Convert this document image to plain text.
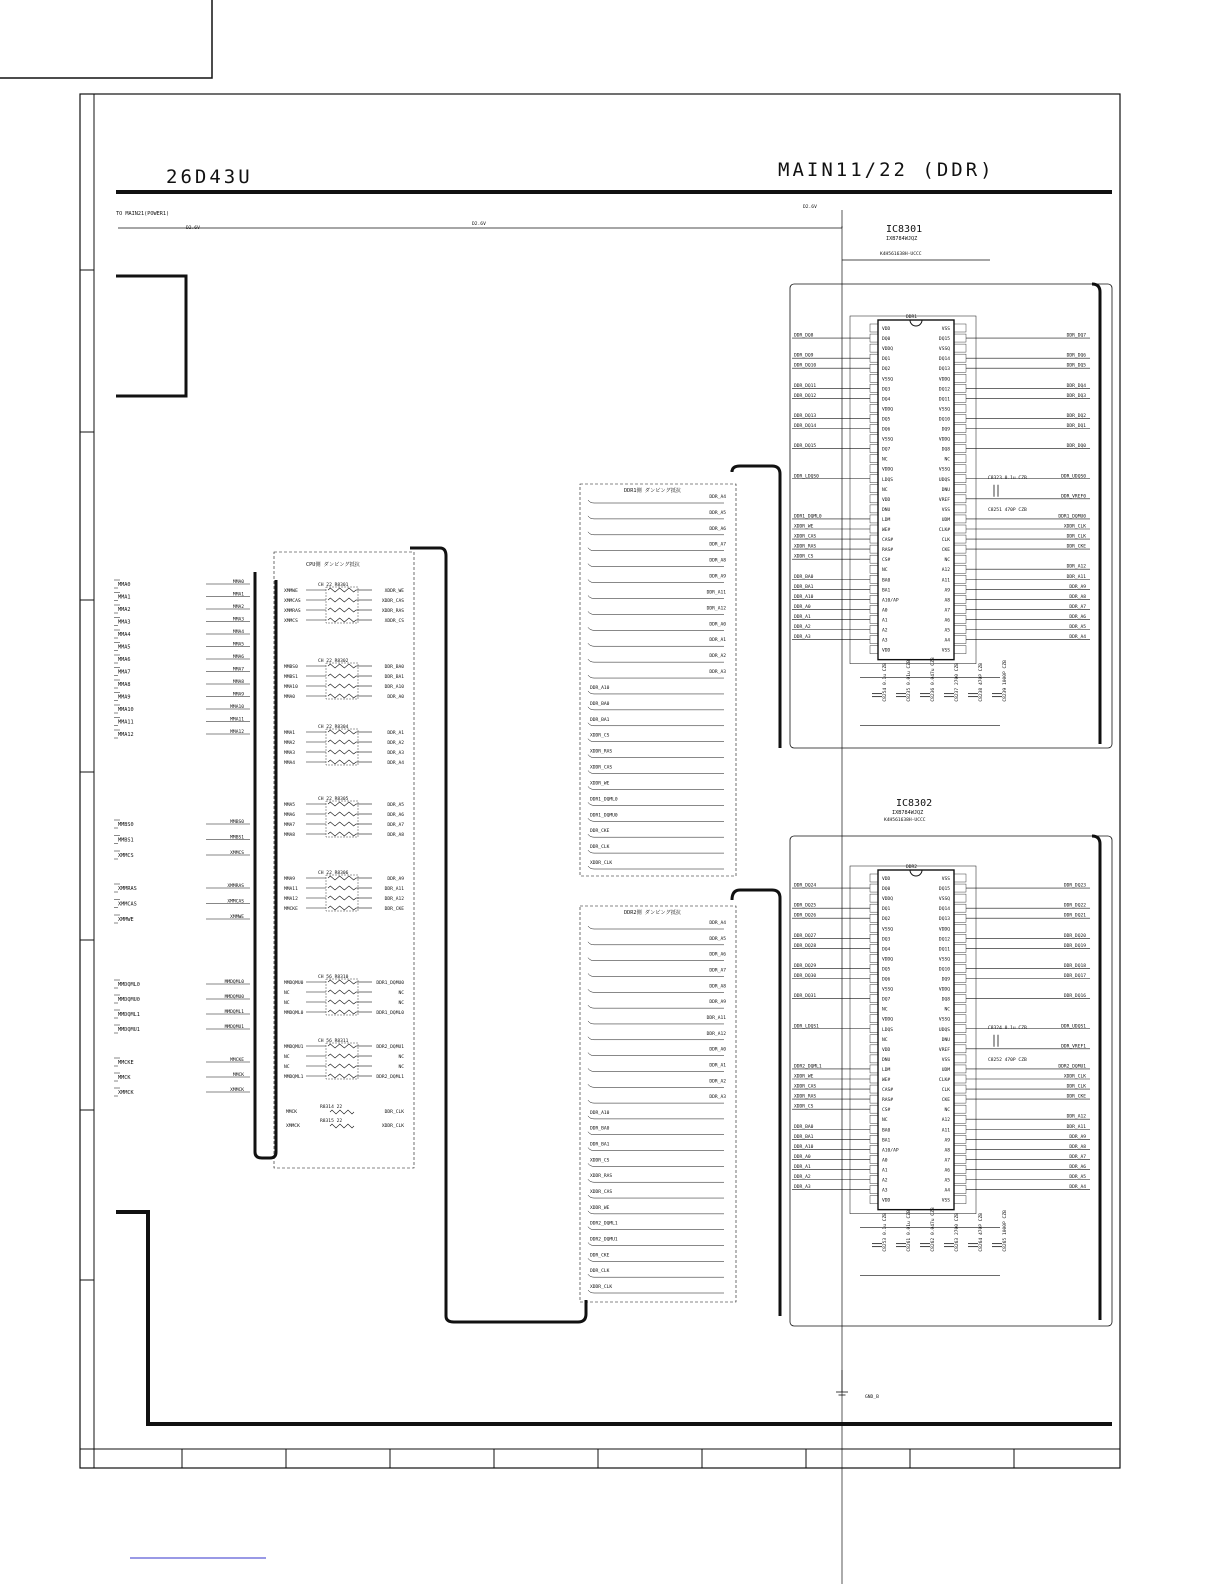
26D43U	MAIN11/22 (DDR)
TO MAIN21(POWER1)
D2.6V
D2.6V
D2.6V
GND_B
MMA0	MMA0
MMA1	MMA1
MMA2	MMA2
MMA3	MMA3
MMA4	MMA4
MMA5	MMA5
MMA6	MMA6
MMA7	MMA7
MMA8	MMA8
MMA9	MMA9
MMA10	MMA10
MMA11	MMA11
MMA12	MMA12
MMBS0	MMBS0
MMBS1	MMBS1
XMMCS	XMMCS
XMMRAS	XMMRAS
XMMCAS	XMMCAS
XMMWE	XMMWE
MMDQML0	MMDQML0
MMDQMU0	MMDQMU0
MMDQML1	MMDQML1
MMDQMU1	MMDQMU1
MMCKE	MMCKE
MMCK	MMCK
XMMCK	XMMCK
CPU側 ダンピング抵抗
CH 22 R8301
XMMWE	XDDR_WE
XMMCAS	XDDR_CAS
XMMRAS	XDDR_RAS
XMMCS	XDDR_CS
CH 22 R8302
MMBS0	DDR_BA0
MMBS1	DDR_BA1
MMA10	DDR_A10
MMA0	DDR_A0
CH 22 R8304
MMA1	DDR_A1
MMA2	DDR_A2
MMA3	DDR_A3
MMA4	DDR_A4
CH 22 R8305
MMA5	DDR_A5
MMA6	DDR_A6
MMA7	DDR_A7
MMA8	DDR_A8
CH 22 R8306
MMA9	DDR_A9
MMA11	DDR_A11
MMA12	DDR_A12
MMCKE	DDR_CKE
CH 56 R8310
MMDQMU0	DDR1_DQMU0
NC	NC
NC	NC
MMDQML0	DDR1_DQML0
CH 56 R8311
MMDQMU1	DDR2_DQMU1
NC	NC
NC	NC
MMDQML1	DDR2_DQML1
MMCK
R8314 22
DDR_CLK
XMMCK
R8315 22
XDDR_CLK
DDR1側 ダンピング抵抗
DDR_A4
DDR_A5
DDR_A6
DDR_A7
DDR_A8
DDR_A9
DDR_A11
DDR_A12
DDR_A0
DDR_A1
DDR_A2
DDR_A3
DDR_A10
DDR_BA0
DDR_BA1
XDDR_CS
XDDR_RAS
XDDR_CAS
XDDR_WE
DDR1_DQML0
DDR1_DQMU0
DDR_CKE
DDR_CLK
XDDR_CLK
DDR2側 ダンピング抵抗
DDR_A4
DDR_A5
DDR_A6
DDR_A7
DDR_A8
DDR_A9
DDR_A11
DDR_A12
DDR_A0
DDR_A1
DDR_A2
DDR_A3
DDR_A10
DDR_BA0
DDR_BA1
XDDR_CS
XDDR_RAS
XDDR_CAS
XDDR_WE
DDR2_DQML1
DDR2_DQMU1
DDR_CKE
DDR_CLK
XDDR_CLK
IC8301
IXB784WJQZ
K4H561638H-UCCC
DDR1
VDD	VSS
DQ0	DQ15
VDDQ	VSSQ
DQ1	DQ14
DQ2	DQ13
VSSQ	VDDQ
DQ3	DQ12
DQ4	DQ11
VDDQ	VSSQ
DQ5	DQ10
DQ6	DQ9
VSSQ	VDDQ
DQ7	DQ8
NC	NC
VDDQ	VSSQ
LDQS	UDQS
NC	DNU
VDD	VREF
DNU	VSS
LDM	UDM
WE#	CLK#
CAS#	CLK
RAS#	CKE
CS#	NC
NC	A12
BA0	A11
BA1	A9
A10/AP	A8
A0	A7
A1	A6
A2	A5
A3	A4
VDD	VSS
DDR_DQ8
DDR_DQ9
DDR_DQ10
DDR_DQ11
DDR_DQ12
DDR_DQ13
DDR_DQ14
DDR_DQ15
DDR_LDQS0
DDR1_DQML0
XDDR_WE
XDDR_CAS
XDDR_RAS
XDDR_CS
DDR_BA0
DDR_BA1
DDR_A10
DDR_A0
DDR_A1
DDR_A2
DDR_A3
DDR_DQ7
DDR_DQ6
DDR_DQ5
DDR_DQ4
DDR_DQ3
DDR_DQ2
DDR_DQ1
DDR_DQ0
DDR_UDQS0
DDR_VREF0
DDR1_DQMU0
XDDR_CLK
DDR_CLK
DDR_CKE
DDR_A12
DDR_A11
DDR_A9
DDR_A8
DDR_A7
DDR_A6
DDR_A5
DDR_A4
C8323 0.1u CZB
C8251 470P CZB
C8254 0.1u CZB	C8235 0.01u CZB	C8236 0.047u CZB	C8237 2700 CZB	C8238 470P CZB	C8239 1000P CZB
IC8302
IXB784WJQZ
K4H561638H-UCCC
DDR2
VDD	VSS
DQ0	DQ15
VDDQ	VSSQ
DQ1	DQ14
DQ2	DQ13
VSSQ	VDDQ
DQ3	DQ12
DQ4	DQ11
VDDQ	VSSQ
DQ5	DQ10
DQ6	DQ9
VSSQ	VDDQ
DQ7	DQ8
NC	NC
VDDQ	VSSQ
LDQS	UDQS
NC	DNU
VDD	VREF
DNU	VSS
LDM	UDM
WE#	CLK#
CAS#	CLK
RAS#	CKE
CS#	NC
NC	A12
BA0	A11
BA1	A9
A10/AP	A8
A0	A7
A1	A6
A2	A5
A3	A4
VDD	VSS
DDR_DQ24
DDR_DQ25
DDR_DQ26
DDR_DQ27
DDR_DQ28
DDR_DQ29
DDR_DQ30
DDR_DQ31
DDR_LDQS1
DDR2_DQML1
XDDR_WE
XDDR_CAS
XDDR_RAS
XDDR_CS
DDR_BA0
DDR_BA1
DDR_A10
DDR_A0
DDR_A1
DDR_A2
DDR_A3
DDR_DQ23
DDR_DQ22
DDR_DQ21
DDR_DQ20
DDR_DQ19
DDR_DQ18
DDR_DQ17
DDR_DQ16
DDR_UDQS1
DDR_VREF1
DDR2_DQMU1
XDDR_CLK
DDR_CLK
DDR_CKE
DDR_A12
DDR_A11
DDR_A9
DDR_A8
DDR_A7
DDR_A6
DDR_A5
DDR_A4
C8324 0.1u CZB
C8252 470P CZB
C8253 0.1u CZB	C8261 0.01u CZB	C8262 0.047u CZB	C8263 2700 CZB	C8264 470P CZB	C8265 1000P CZB
